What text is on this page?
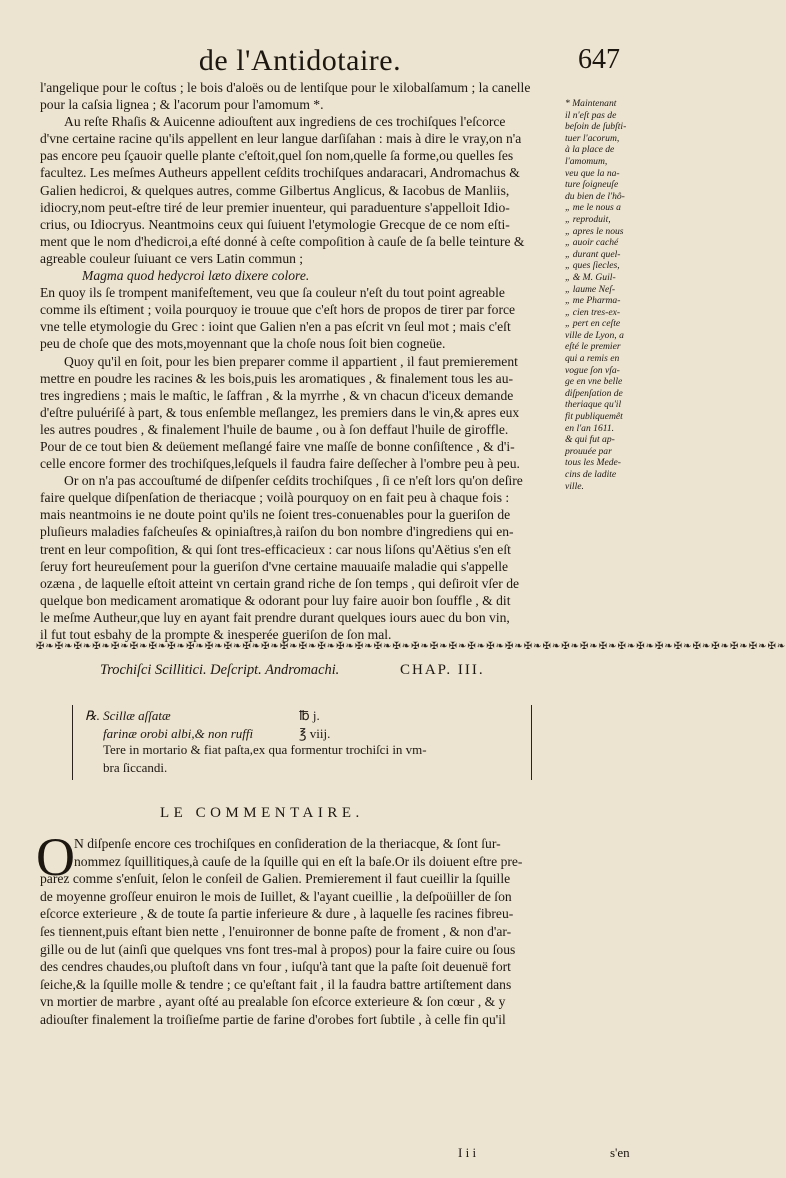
de l'Antidotaire.	647

l'angelique pour le coſtus ; le bois d'aloës ou de lentiſque pour le xilobalſamum ; la canelle

pour la caſsia lignea ; & l'acorum pour l'amomum *.

Au reſte Rhaſis & Auicenne adiouſtent aux ingrediens de ces trochiſques l'eſcorce

d'vne certaine racine qu'ils appellent en leur langue darſiſahan : mais à dire le vray,on n'a

pas encore peu ſçauoir quelle plante c'eſtoit,quel ſon nom,quelle ſa forme,ou quelles ſes

facultez. Les meſmes Autheurs appellent ceſdits trochiſques andaracari, Andromachus &

Galien hedicroi, & quelques autres, comme Gilbertus Anglicus, & Iacobus de Manliis,

idiocry,nom peut-eſtre tiré de leur premier inuenteur, qui paraduenture s'appelloit Idio-

crius, ou Idiocryus. Neantmoins ceux qui ſuiuent l'etymologie Grecque de ce nom eſti-

ment que le nom d'hedicroi,a eſté donné à ceſte compoſition à cauſe de ſa belle teinture &

agreable couleur ſuiuant ce vers Latin commun ;

Magma quod hedycroi læto dixere colore.

En quoy ils ſe trompent manifeſtement, veu que ſa couleur n'eſt du tout point agreable

comme ils eſtiment ; voila pourquoy ie trouue que c'eſt hors de propos de tirer par force

vne telle etymologie du Grec : ioint que Galien n'en a pas eſcrit vn ſeul mot ; mais c'eſt

peu de choſe que des mots,moyennant que la choſe nous ſoit bien cogneüe.

Quoy qu'il en ſoit, pour les bien preparer comme il appartient , il faut premierement

mettre en poudre les racines & les bois,puis les aromatiques , & finalement tous les au-

tres ingrediens ; mais le maſtic, le ſaffran , & la myrrhe , & vn chacun d'iceux demande

d'eſtre puluériſé à part, & tous enſemble meſlangez, les premiers dans le vin,& apres eux

les autres poudres , & finalement l'huile de baume , ou à ſon deffaut l'huile de giroffle.

Pour de ce tout bien & deüement meſlangé faire vne maſſe de bonne conſiſtence , & d'i-

celle encore former des trochiſques,leſquels il faudra faire deſſecher à l'ombre peu à peu.

Or on n'a pas accouſtumé de diſpenſer ceſdits trochiſques , ſi ce n'eſt lors qu'on deſire

faire quelque diſpenſation de theriacque ; voilà pourquoy on en fait peu à chaque fois :

mais neantmoins ie ne doute point qu'ils ne ſoient tres-conuenables pour la gueriſon de

pluſieurs maladies faſcheuſes & opiniaſtres,à raiſon du bon nombre d'ingrediens qui en-

trent en leur compoſition, & qui ſont tres-efficacieux : car nous liſons qu'Aëtius s'en eſt

ſeruy fort heureuſement pour la gueriſon d'vne certaine mauuaiſe maladie qui s'appelle

ozæna , de laquelle eſtoit atteint vn certain grand riche de ſon temps , qui deſiroit vſer de

quelque bon medicament aromatique & odorant pour luy faire auoir bon ſouffle , & dit

le meſme Autheur,que luy en ayant fait prendre durant quelques iours auec du bon vin,

il fut tout esbahy de la prompte & inesperée gueriſon de ſon mal.

* Maintenant
il n'eſt pas de
beſoin de ſubſti-
tuer l'acorum,
à la place de
l'amomum,
veu que la na-
ture ſoigneuſe
du bien de l'hô-
„ me le nous a
„ reproduit,
„ apres le nous
„ auoir caché
„ durant quel-
„ ques ſiecles,
„ & M. Guil-
„ laume Neſ-
„ me Pharma-
„ cien tres-ex-
„ pert en ceſte
ville de Lyon, a
eſté le premier
qui a remis en
vogue ſon vſa-
ge en vne belle
diſpenſation de
theriaque qu'il
fit publiquemêt
en l'an 1611.
& qui fut ap-
prouuée par
tous les Mede-
cins de ladite
ville.
✠❧✠❧✠❧✠❧✠❧✠❧✠❧✠❧✠❧✠❧✠❧✠❧✠❧✠❧✠❧✠❧✠❧✠❧✠❧✠❧✠❧✠❧✠❧✠❧✠❧✠❧✠❧✠❧✠❧✠❧✠❧✠❧✠❧✠❧✠❧✠❧✠❧✠❧✠❧✠❧
Trochiſci Scillitici. Deſcript. Andromachi.	CHAP. III.
℞. Scillæ aſſatæ	℔ j.
farinæ orobi albi,& non ruffi	℥ viij.
Tere in mortario & fiat paſta,ex qua formentur trochiſci in vm-
bra ſiccandi.
LE COMMENTAIRE.
O N diſpenſe encore ces trochiſques en conſideration de la theriacque, & ſont ſur-

nommez ſquillitiques,à cauſe de la ſquille qui en eſt la baſe.Or ils doiuent eſtre pre-

parez comme s'enſuit, ſelon le conſeil de Galien. Premierement il faut cueillir la ſquille

de moyenne groſſeur enuiron le mois de Iuillet, & l'ayant cueillie , la deſpoüiller de ſon

eſcorce exterieure , & de toute ſa partie inferieure & dure , à laquelle ſes racines fibreu-

ſes tiennent,puis eſtant bien nette , l'enuironner de bonne paſte de froment , & non d'ar-

gille ou de lut (ainſi que quelques vns font tres-mal à propos) pour la faire cuire ou ſous

des cendres chaudes,ou pluſtoſt dans vn four , iuſqu'à tant que la paſte ſoit deuenuë fort

ſeiche,& la ſquille molle & tendre ; ce qu'eſtant fait , il la faudra battre artiſtement dans

vn mortier de marbre , ayant oſté au prealable ſon eſcorce exterieure & ſon cœur , & y

adiouſter finalement la troiſieſme partie de farine d'orobes fort ſubtile , à celle fin qu'il

I i i	s'en
